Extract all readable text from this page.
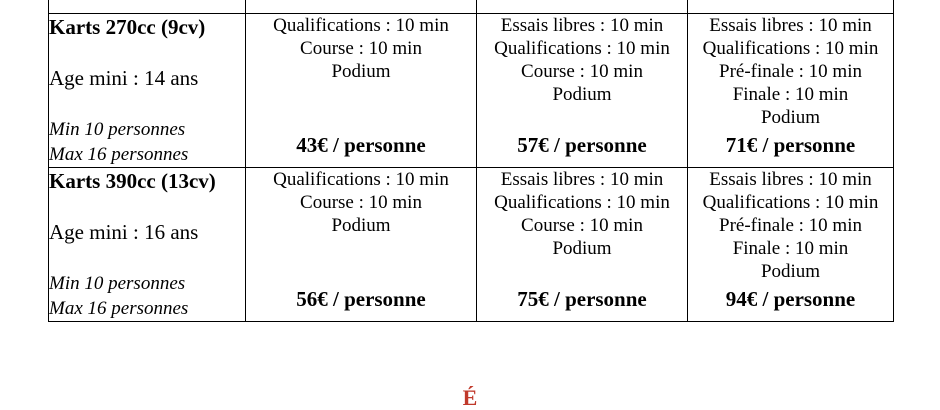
Karts 270cc (9cv)
Age mini : 14 ans
Min 10 personnes
Max 16 personnes

Qualifications : 10 min
Course : 10 min
Podium
43€ / personne

Essais libres : 10 min
Qualifications : 10 min
Course : 10 min
Podium
57€ / personne

Essais libres : 10 min
Qualifications : 10 min
Pré-finale : 10 min
Finale : 10 min
Podium
71€ / personne

Karts 390cc (13cv)
Age mini : 16 ans
Min 10 personnes
Max 16 personnes

Qualifications : 10 min
Course : 10 min
Podium
56€ / personne

Essais libres : 10 min
Qualifications : 10 min
Course : 10 min
Podium
75€ / personne

Essais libres : 10 min
Qualifications : 10 min
Pré-finale : 10 min
Finale : 10 min
Podium
94€ / personne
É
